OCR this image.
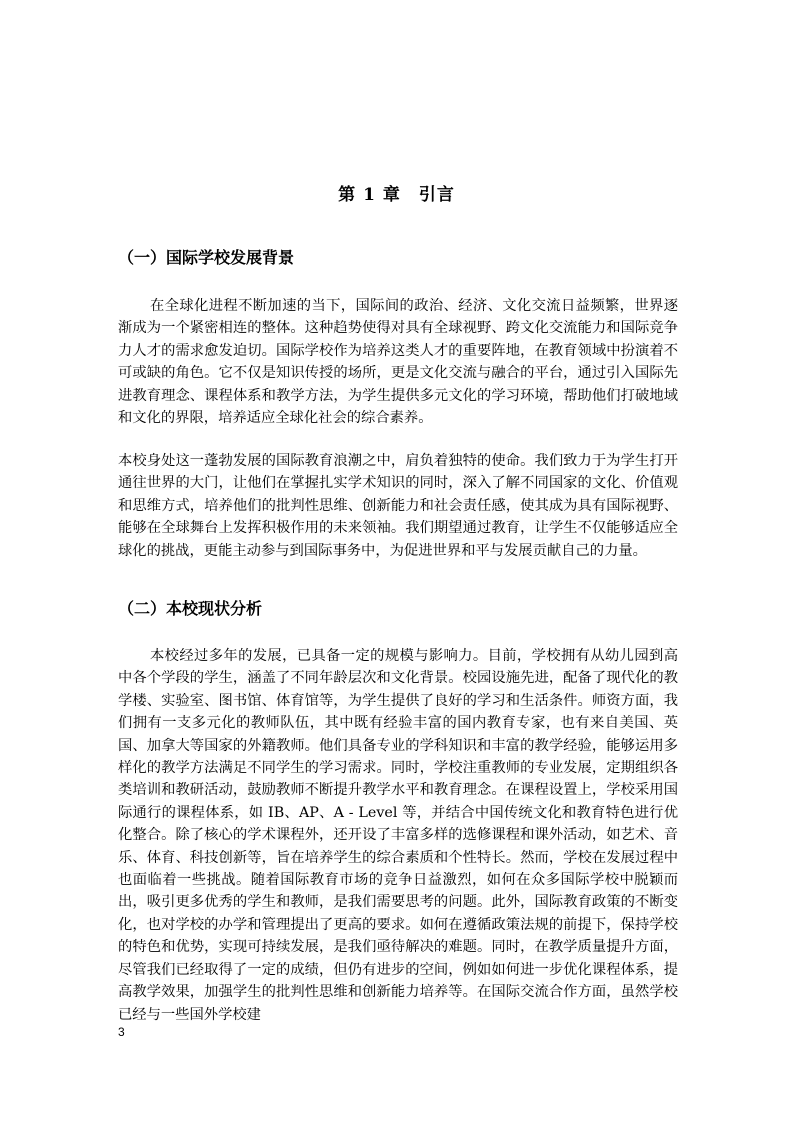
第 1 章　引言
（一）国际学校发展背景

在全球化进程不断加速的当下，国际间的政治、经济、文化交流日益频繁，世界逐渐成为一个紧密相连的整体。这种趋势使得对具有全球视野、跨文化交流能力和国际竞争力人才的需求愈发迫切。国际学校作为培养这类人才的重要阵地，在教育领域中扮演着不可或缺的角色。它不仅是知识传授的场所，更是文化交流与融合的平台，通过引入国际先进教育理念、课程体系和教学方法，为学生提供多元文化的学习环境，帮助他们打破地域和文化的界限，培养适应全球化社会的综合素养。

本校身处这一蓬勃发展的国际教育浪潮之中，肩负着独特的使命。我们致力于为学生打开通往世界的大门，让他们在掌握扎实学术知识的同时，深入了解不同国家的文化、价值观和思维方式，培养他们的批判性思维、创新能力和社会责任感，使其成为具有国际视野、能够在全球舞台上发挥积极作用的未来领袖。我们期望通过教育，让学生不仅能够适应全球化的挑战，更能主动参与到国际事务中，为促进世界和平与发展贡献自己的力量。

（二）本校现状分析

本校经过多年的发展，已具备一定的规模与影响力。目前，学校拥有从幼儿园到高中各个学段的学生，涵盖了不同年龄层次和文化背景。校园设施先进，配备了现代化的教学楼、实验室、图书馆、体育馆等，为学生提供了良好的学习和生活条件。师资方面，我们拥有一支多元化的教师队伍，其中既有经验丰富的国内教育专家，也有来自美国、英国、加拿大等国家的外籍教师。他们具备专业的学科知识和丰富的教学经验，能够运用多样化的教学方法满足不同学生的学习需求。同时，学校注重教师的专业发展，定期组织各类培训和教研活动，鼓励教师不断提升教学水平和教育理念。在课程设置上，学校采用国际通行的课程体系，如 IB、AP、A - Level 等，并结合中国传统文化和教育特色进行优化整合。除了核心的学术课程外，还开设了丰富多样的选修课程和课外活动，如艺术、音乐、体育、科技创新等，旨在培养学生的综合素质和个性特长。然而，学校在发展过程中也面临着一些挑战。随着国际教育市场的竞争日益激烈，如何在众多国际学校中脱颖而出，吸引更多优秀的学生和教师，是我们需要思考的问题。此外，国际教育政策的不断变化，也对学校的办学和管理提出了更高的要求。如何在遵循政策法规的前提下，保持学校的特色和优势，实现可持续发展，是我们亟待解决的难题。同时，在教学质量提升方面，尽管我们已经取得了一定的成绩，但仍有进步的空间，例如如何进一步优化课程体系，提高教学效果，加强学生的批判性思维和创新能力培养等。在国际交流合作方面，虽然学校已经与一些国外学校建

3
